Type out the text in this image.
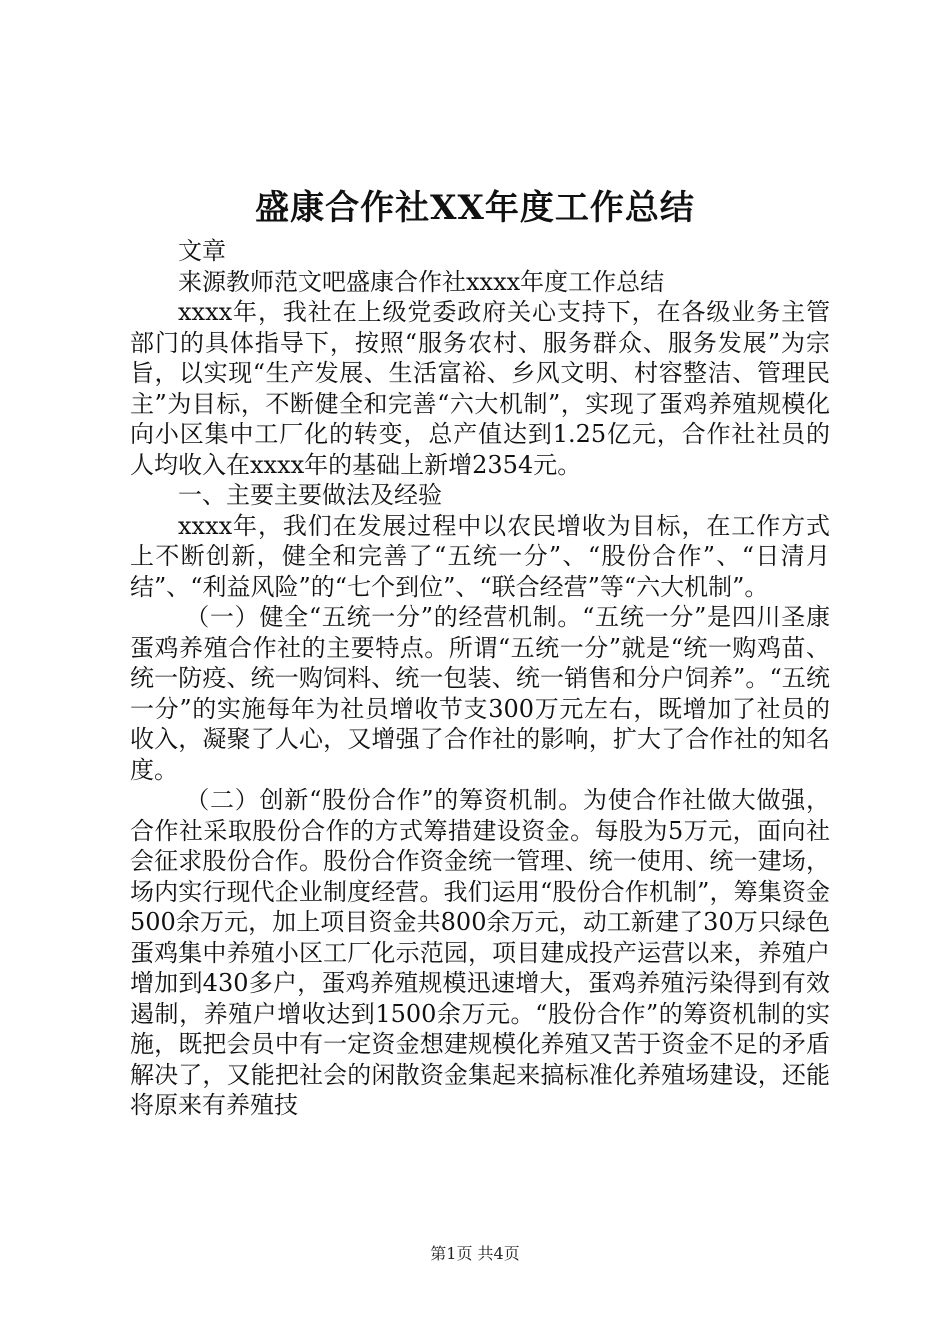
盛康合作社XX年度工作总结

文章

来源教师范文吧盛康合作社xxxx年度工作总结

xxxx年，我社在上级党委政府关心支持下，在各级业务主管部门的具体指导下，按照“服务农村、服务群众、服务发展”为宗旨，以实现“生产发展、生活富裕、乡风文明、村容整洁、管理民主”为目标，不断健全和完善“六大机制”，实现了蛋鸡养殖规模化向小区集中工厂化的转变，总产值达到1.25亿元，合作社社员的人均收入在xxxx年的基础上新增2354元。

一、主要主要做法及经验

xxxx年，我们在发展过程中以农民增收为目标，在工作方式上不断创新，健全和完善了“五统一分”、“股份合作”、“日清月结”、“利益风险”的“七个到位”、“联合经营”等“六大机制”。

（一）健全“五统一分”的经营机制。“五统一分”是四川圣康蛋鸡养殖合作社的主要特点。所谓“五统一分”就是“统一购鸡苗、统一防疫、统一购饲料、统一包装、统一销售和分户饲养”。“五统一分”的实施每年为社员增收节支300万元左右，既增加了社员的收入，凝聚了人心，又增强了合作社的影响，扩大了合作社的知名度。

（二）创新“股份合作”的筹资机制。为使合作社做大做强，合作社采取股份合作的方式筹措建设资金。每股为5万元，面向社会征求股份合作。股份合作资金统一管理、统一使用、统一建场，场内实行现代企业制度经营。我们运用“股份合作机制”，筹集资金500余万元，加上项目资金共800余万元，动工新建了30万只绿色蛋鸡集中养殖小区工厂化示范园，项目建成投产运营以来，养殖户增加到430多户，蛋鸡养殖规模迅速增大，蛋鸡养殖污染得到有效遏制，养殖户增收达到1500余万元。“股份合作”的筹资机制的实施，既把会员中有一定资金想建规模化养殖又苦于资金不足的矛盾解决了，又能把社会的闲散资金集起来搞标准化养殖场建设，还能将原来有养殖技

第1页 共4页
